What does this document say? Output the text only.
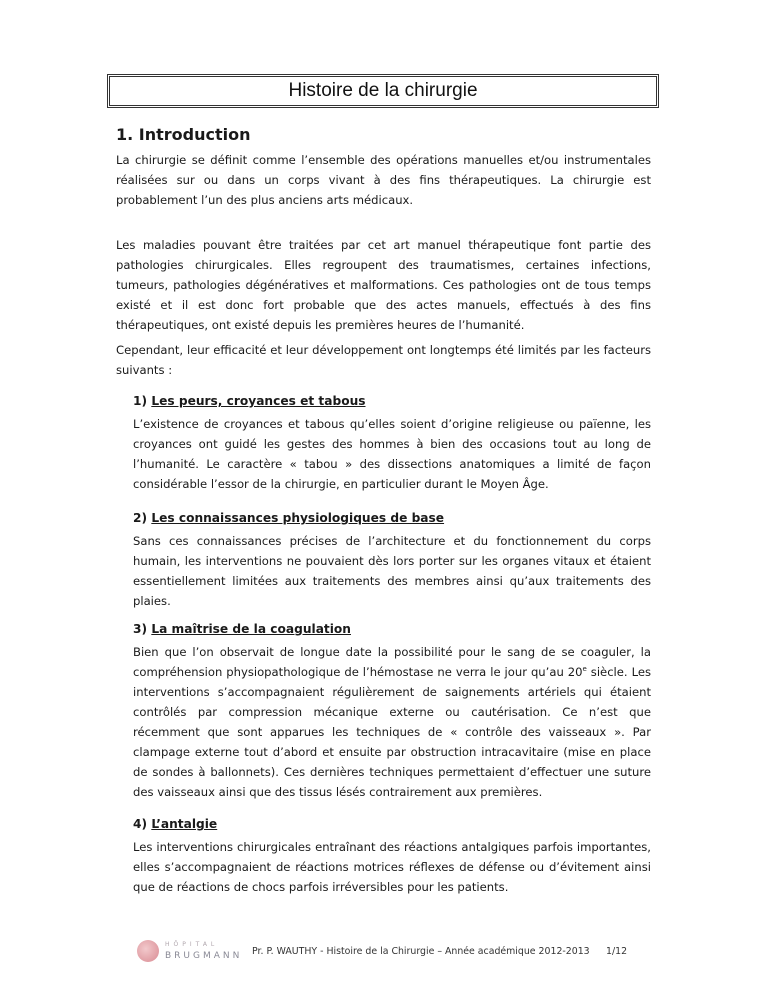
Histoire de la chirurgie
1. Introduction

La chirurgie se définit comme l’ensemble des opérations manuelles et/ou instrumentales réalisées sur ou dans un corps vivant à des fins thérapeutiques. La chirurgie est probablement l’un des plus anciens arts médicaux.

Les maladies pouvant être traitées par cet art manuel thérapeutique font partie des pathologies chirurgicales. Elles regroupent des traumatismes, certaines infections, tumeurs, pathologies dégénératives et malformations. Ces pathologies ont de tous temps existé et il est donc fort probable que des actes manuels, effectués à des fins thérapeutiques, ont existé depuis les premières heures de l’humanité.

Cependant, leur efficacité et leur développement ont longtemps été limités par les facteurs suivants :

1) Les peurs, croyances et tabous

L’existence de croyances et tabous qu’elles soient d’origine religieuse ou païenne, les croyances ont guidé les gestes des hommes à bien des occasions tout au long de l’humanité. Le caractère « tabou » des dissections anatomiques a limité de façon considérable l’essor de la chirurgie, en particulier durant le Moyen Âge.

2) Les connaissances physiologiques de base

Sans ces connaissances précises de l’architecture et du fonctionnement du corps humain, les interventions ne pouvaient dès lors porter sur les organes vitaux et étaient essentiellement limitées aux traitements des membres ainsi qu’aux traitements des plaies.

3) La maîtrise de la coagulation

Bien que l’on observait de longue date la possibilité pour le sang de se coaguler, la compréhension physiopathologique de l’hémostase ne verra le jour qu’au 20e siècle. Les interventions s’accompagnaient régulièrement de saignements artériels qui étaient contrôlés par compression mécanique externe ou cautérisation. Ce n’est que récemment que sont apparues les techniques de « contrôle des vaisseaux ». Par clampage externe tout d’abord et ensuite par obstruction intracavitaire (mise en place de sondes à ballonnets). Ces dernières techniques permettaient d’effectuer une suture des vaisseaux ainsi que des tissus lésés contrairement aux premières.

4) L’antalgie

Les interventions chirurgicales entraînant des réactions antalgiques parfois importantes, elles s’accompagnaient de réactions motrices réflexes de défense ou d’évitement ainsi que de réactions de chocs parfois irréversibles pour les patients.

HÔPITAL
BRUGMANN Pr. P. WAUTHY - Histoire de la Chirurgie – Année académique 2012-2013 1/12
